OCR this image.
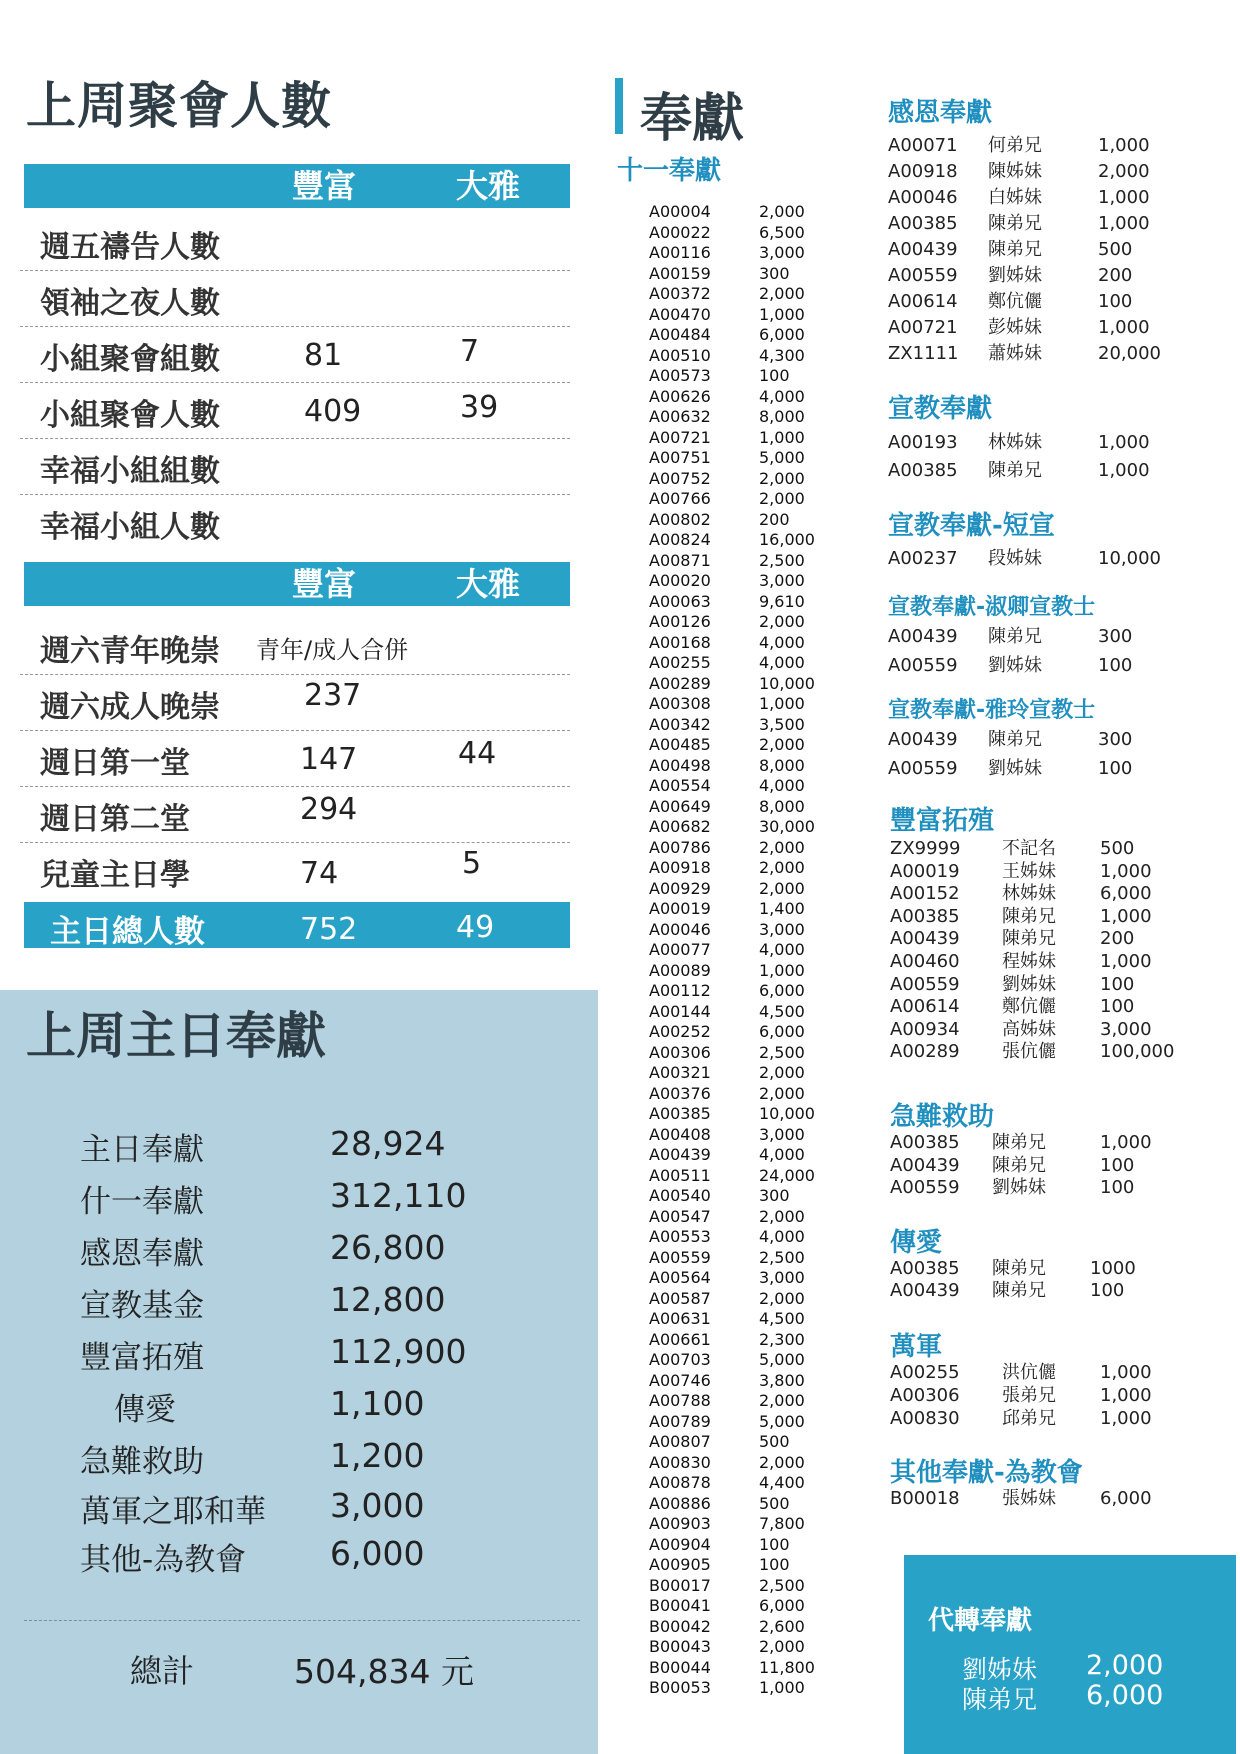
上周聚會人數
豐富	大雅
週五禱告人數
領袖之夜人數
小組聚會組數	81	7
小組聚會人數	409	39
幸福小組組數
幸福小組人數
豐富	大雅
週六青年晚崇 青年/成人合併
週六成人晚崇	237
週日第一堂	147	44
週日第二堂	294
兒童主日學	74	5
主日總人數	752	49
上周主日奉獻
主日奉獻	28,924
什一奉獻	312,110
感恩奉獻	26,800
宣教基金	12,800
豐富拓殖	112,900
傳愛	1,100
急難救助	1,200
萬軍之耶和華 3,000
其他-為教會	6,000
總計	504,834 元
奉獻
十一奉獻
A00004	2,000
A00022	6,500
A00116	3,000
A00159	300
A00372	2,000
A00470	1,000
A00484	6,000
A00510	4,300
A00573	100
A00626	4,000
A00632	8,000
A00721	1,000
A00751	5,000
A00752	2,000
A00766	2,000
A00802	200
A00824	16,000
A00871	2,500
A00020	3,000
A00063	9,610
A00126	2,000
A00168	4,000
A00255	4,000
A00289	10,000
A00308	1,000
A00342	3,500
A00485	2,000
A00498	8,000
A00554	4,000
A00649	8,000
A00682	30,000
A00786	2,000
A00918	2,000
A00929	2,000
A00019	1,400
A00046	3,000
A00077	4,000
A00089	1,000
A00112	6,000
A00144	4,500
A00252	6,000
A00306	2,500
A00321	2,000
A00376	2,000
A00385	10,000
A00408	3,000
A00439	4,000
A00511	24,000
A00540	300
A00547	2,000
A00553	4,000
A00559	2,500
A00564	3,000
A00587	2,000
A00631	4,500
A00661	2,300
A00703	5,000
A00746	3,800
A00788	2,000
A00789	5,000
A00807	500
A00830	2,000
A00878	4,400
A00886	500
A00903	7,800
A00904	100
A00905	100
B00017	2,500
B00041	6,000
B00042	2,600
B00043	2,000
B00044	11,800
B00053	1,000
感恩奉獻
A00071 何弟兄	1,000
A00918 陳姊妹	2,000
A00046 白姊妹	1,000
A00385 陳弟兄	1,000
A00439 陳弟兄	500
A00559 劉姊妹	200
A00614 鄭伉儷	100
A00721 彭姊妹	1,000
ZX1111 蕭姊妹	20,000
宣教奉獻
A00193 林姊妹	1,000
A00385 陳弟兄	1,000
宣教奉獻-短宣
A00237 段姊妹	10,000
宣教奉獻-淑卿宣教士
A00439 陳弟兄	300
A00559 劉姊妹	100
宣教奉獻-雅玲宣教士
A00439 陳弟兄	300
A00559 劉姊妹	100
豐富拓殖
ZX9999 不記名 500
A00019 王姊妹 1,000
A00152 林姊妹 6,000
A00385 陳弟兄 1,000
A00439 陳弟兄 200
A00460 程姊妹 1,000
A00559 劉姊妹 100
A00614 鄭伉儷 100
A00934 高姊妹 3,000
A00289 張伉儷 100,000
急難救助
A00385 陳弟兄	1,000
A00439 陳弟兄	100
A00559 劉姊妹	100
傳愛
A00385 陳弟兄 1000
A00439 陳弟兄 100
萬軍
A00255 洪伉儷 1,000
A00306 張弟兄 1,000
A00830 邱弟兄 1,000
其他奉獻-為教會
B00018 張姊妹 6,000
代轉奉獻
劉姊妹 2,000
陳弟兄 6,000
